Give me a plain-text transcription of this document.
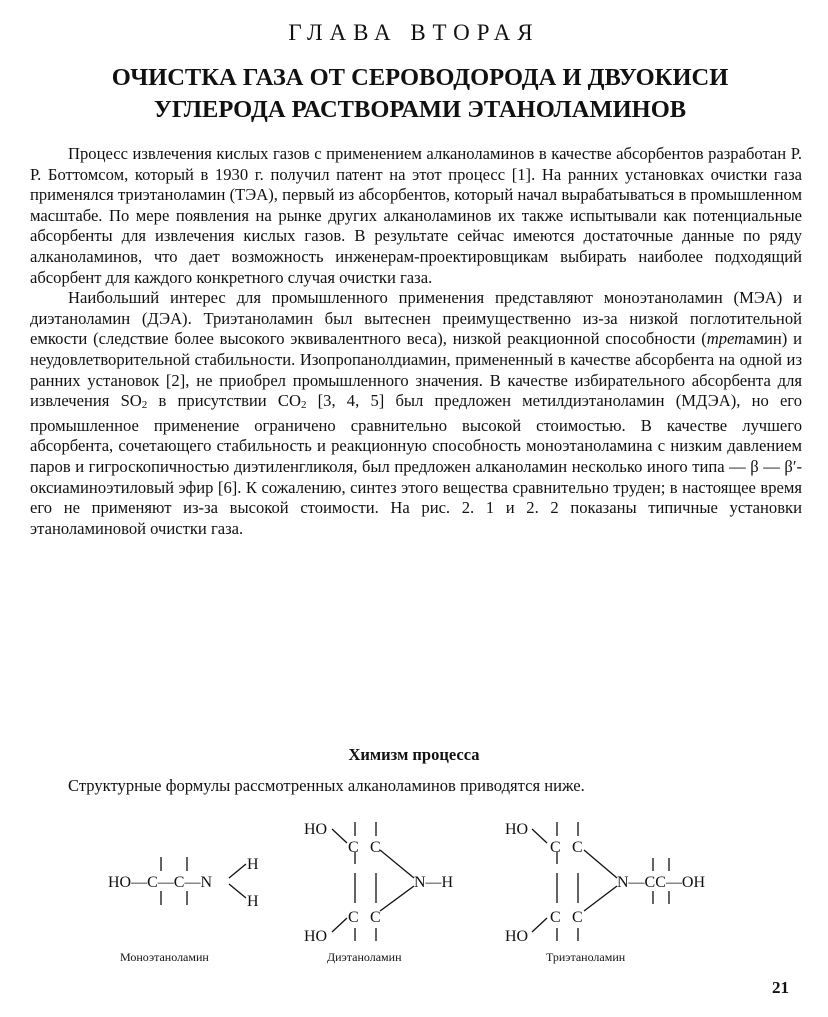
ГЛАВА ВТОРАЯ
ОЧИСТКА ГАЗА ОТ СЕРОВОДОРОДА И ДВУОКИСИ
УГЛЕРОДА РАСТВОРАМИ ЭТАНОЛАМИНОВ

Процесс извлечения кислых газов с применением алканоламинов в качестве абсорбентов разработан Р. Р. Боттомсом, который в 1930 г. получил патент на этот процесс [1]. На ранних установках очистки газа применялся триэтаноламин (ТЭА), первый из абсорбентов, который начал вырабатываться в промышленном масштабе. По мере появления на рынке других алканоламинов их также испытывали как потенциальные абсорбенты для извлечения кислых газов. В результате сейчас имеются достаточные данные по ряду алканоламинов, что дает возможность инженерам-проектировщикам выбирать наиболее подходящий абсорбент для каждого конкретного случая очистки газа.

Наибольший интерес для промышленного применения представляют моноэтаноламин (МЭА) и диэтаноламин (ДЭА). Триэтаноламин был вытеснен преимущественно из-за низкой поглотительной емкости (следствие более высокого эквивалентного веса), низкой реакционной способности (третамин) и неудовлетворительной стабильности. Изопропанолдиамин, примененный в качестве абсорбента на одной из ранних установок [2], не приобрел промышленного значения. В качестве избирательного абсорбента для извлечения $SO_2$ в присутствии $CO_2$ [3, 4, 5] был предложен метилдиэтаноламин (МДЭА), но его промышленное применение ограничено сравнительно высокой стоимостью. В качестве лучшего абсорбента, сочетающего стабильность и реакционную способность моноэтаноламина с низким давлением паров и гигроскопичностью диэтиленгликоля, был предложен алканоламин несколько иного типа — β — β′-оксиаминоэтиловый эфир [6]. К сожалению, синтез этого вещества сравнительно труден; в настоящее время его не применяют из-за высокой стоимости. На рис. 2. 1 и 2. 2 показаны типичные установки этаноламиновой очистки газа.

Химизм процесса

Структурные формулы рассмотренных алканоламинов приводятся ниже.

HO—C—C—N
H
H
Моноэтаноламин
HO
C C
N—H
C C
HO
Диэтаноламин
HO
C C
N—CC—OH
C C
HO
Триэтаноламин
21
